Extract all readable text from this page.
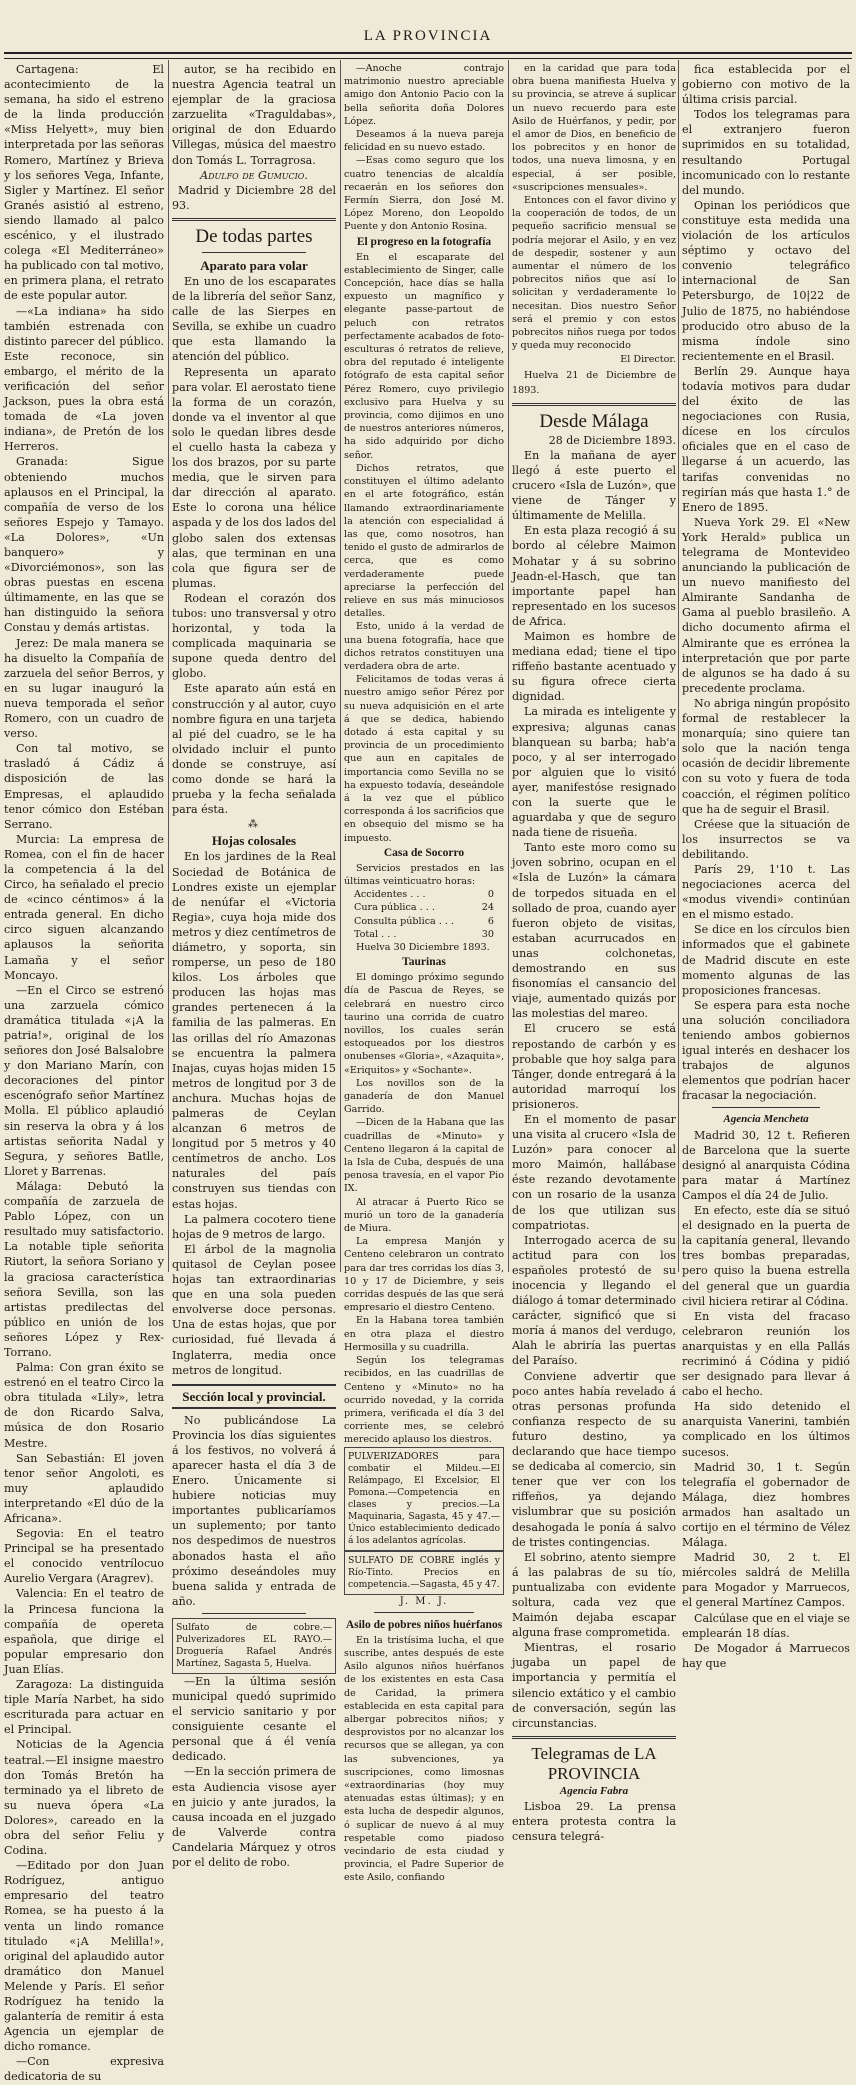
LA PROVINCIA

Cartagena: El acontecimiento de la semana, ha sido el estreno de la linda producción «Miss Helyett», muy bien interpretada por las señoras Romero, Martínez y Brieva y los señores Vega, Infante, Sigler y Martínez. El señor Granés asistió al estreno, siendo llamado al palco escénico, y el ilustrado colega «El Mediterráneo» ha publicado con tal motivo, en primera plana, el retrato de este popular autor.

—«La indiana» ha sido también estrenada con distinto parecer del público. Este reconoce, sin embargo, el mérito de la verificación del señor Jackson, pues la obra está tomada de «La joven indiana», de Pretón de los Herreros.

Granada: Sigue obteniendo muchos aplausos en el Principal, la compañía de verso de los señores Espejo y Tamayo. «La Dolores», «Un banquero» y «Divorciémonos», son las obras puestas en escena últimamente, en las que se han distinguido la señora Constau y demás artistas.

Jerez: De mala manera se ha disuelto la Compañía de zarzuela del señor Berros, y en su lugar inauguró la nueva temporada el señor Romero, con un cuadro de verso.

Con tal motivo, se trasladó á Cádiz á disposición de las Empresas, el aplaudido tenor cómico don Estéban Serrano.

Murcia: La empresa de Romea, con el fin de hacer la competencia á la del Circo, ha señalado el precio de «cinco céntimos» á la entrada general. En dicho circo siguen alcanzando aplausos la señorita Lamaña y el señor Moncayo.

—En el Circo se estrenó una zarzuela cómico dramática titulada «¡A la patria!», original de los señores don José Balsalobre y don Mariano Marín, con decoraciones del pintor escenógrafo señor Martínez Molla. El público aplaudió sin reserva la obra y á los artistas señorita Nadal y Segura, y señores Batlle, Lloret y Barrenas.

Málaga: Debutó la compañía de zarzuela de Pablo López, con un resultado muy satisfactorio. La notable tiple señorita Riutort, la señora Soriano y la graciosa característica señora Sevilla, son las artistas predilectas del público en unión de los señores López y Rex-Torrano.

Palma: Con gran éxito se estrenó en el teatro Circo la obra titulada «Lily», letra de don Ricardo Salva, música de don Rosario Mestre.

San Sebastián: El joven tenor señor Angoloti, es muy aplaudido interpretando «El dúo de la Africana».

Segovia: En el teatro Principal se ha presentado el conocido ventrílocuo Aurelio Vergara (Aragrev).

Valencia: En el teatro de la Princesa funciona la compañía de opereta española, que dirige el popular empresario don Juan Elías.

Zaragoza: La distinguida tiple María Narbet, ha sido escriturada para actuar en el Principal.

Noticias de la Agencia teatral.—El insigne maestro don Tomás Bretón ha terminado ya el libreto de su nueva ópera «La Dolores», careado en la obra del señor Feliu y Codina.

—Editado por don Juan Rodríguez, antiguo empresario del teatro Romea, se ha puesto á la venta un lindo romance titulado «¡A Melilla!», original del aplaudido autor dramático don Manuel Melende y París. El señor Rodríguez ha tenido la galantería de remitir á esta Agencia un ejemplar de dicho romance.

—Con expresiva dedicatoria de su

autor, se ha recibido en nuestra Agencia teatral un ejemplar de la graciosa zarzuelita «Traguldabas», original de don Eduardo Villegas, música del maestro don Tomás L. Torragrosa.

Adulfo de Gumucio.

Madrid y Diciembre 28 del 93.

De todas partes

Aparato para volar

En uno de los escaparates de la librería del señor Sanz, calle de las Sierpes en Sevilla, se exhibe un cuadro que esta llamando la atención del público.

Representa un aparato para volar. El aerostato tiene la forma de un corazón, donde va el inventor al que solo le quedan libres desde el cuello hasta la cabeza y los dos brazos, por su parte media, que le sirven para dar dirección al aparato. Este lo corona una hélice aspada y de los dos lados del globo salen dos extensas alas, que terminan en una cola que figura ser de plumas.

Rodean el corazón dos tubos: uno transversal y otro horizontal, y toda la complicada maquinaria se supone queda dentro del globo.

Este aparato aún está en construcción y al autor, cuyo nombre figura en una tarjeta al pié del cuadro, se le ha olvidado incluir el punto donde se construye, así como donde se hará la prueba y la fecha señalada para ésta.

⁂

Hojas colosales

En los jardines de la Real Sociedad de Botánica de Londres existe un ejemplar de nenúfar el «Victoria Regia», cuya hoja mide dos metros y diez centímetros de diámetro, y soporta, sin romperse, un peso de 180 kilos. Los árboles que producen las hojas mas grandes pertenecen á la familia de las palmeras. En las orillas del río Amazonas se encuentra la palmera Inajas, cuyas hojas miden 15 metros de longitud por 3 de anchura. Muchas hojas de palmeras de Ceylan alcanzan 6 metros de longitud por 5 metros y 40 centímetros de ancho. Los naturales del país construyen sus tiendas con estas hojas.

La palmera cocotero tiene hojas de 9 metros de largo.

El árbol de la magnolia quitasol de Ceylan posee hojas tan extraordinarias que en una sola pueden envolverse doce personas. Una de estas hojas, que por curiosidad, fué llevada á Inglaterra, media once metros de longitud.

Sección local y provincial.

No publicándose La Provincia los días siguientes á los festivos, no volverá á aparecer hasta el día 3 de Enero. Únicamente si hubiere noticias muy importantes publicaríamos un suplemento; por tanto nos despedimos de nuestros abonados hasta el año próximo deseándoles muy buena salida y entrada de año.

Sulfato de cobre.—Pulverizadores EL RAYO.—Droguería Rafael Andrés Martínez, Sagasta 5, Huelva.

—En la última sesión municipal quedó suprimido el servicio sanitario y por consiguiente cesante el personal que á él venía dedicado.

—En la sección primera de esta Audiencia visose ayer en juicio y ante jurados, la causa incoada en el juzgado de Valverde contra Candelaria Márquez y otros por el delito de robo.

—Anoche contrajo matrimonio nuestro apreciable amigo don Antonio Pacio con la bella señorita doña Dolores López.

Deseamos á la nueva pareja felicidad en su nuevo estado.

—Esas como seguro que los cuatro tenencias de alcaldía recaerán en los señores don Fermín Sierra, don José M. López Moreno, don Leopoldo Puente y don Antonio Rosina.

El progreso en la fotografía

En el escaparate del establecimiento de Singer, calle Concepción, hace días se halla expuesto un magnífico y elegante passe-partout de peluch con retratos perfectamente acabados de foto-esculturas ó retratos de relieve, obra del reputado é inteligente fotógrafo de esta capital señor Pérez Romero, cuyo privilegio exclusivo para Huelva y su provincia, como dijimos en uno de nuestros anteriores números, ha sido adquirido por dicho señor.

Dichos retratos, que constituyen el último adelanto en el arte fotográfico, están llamando extraordinariamente la atención con especialidad á las que, como nosotros, han tenido el gusto de admirarlos de cerca, que es como verdaderamente puede apreciarse la perfección del relieve en sus más minuciosos detalles.

Esto, unido á la verdad de una buena fotografía, hace que dichos retratos constituyen una verdadera obra de arte.

Felicitamos de todas veras á nuestro amigo señor Pérez por su nueva adquisición en el arte á que se dedica, habiendo dotado á esta capital y su provincia de un procedimiento que aun en capitales de importancia como Sevilla no se ha expuesto todavía, deseándole á la vez que el público corresponda á los sacrificios que en obsequio del mismo se ha impuesto.

Casa de Socorro

Servicios prestados en las últimas veinticuatro horas:

Accidentes . . .	0
Cura pública . . .	24
Consulta pública . . .	6
Total . . .	30

Huelva 30 Diciembre 1893.

Taurinas

El domingo próximo segundo día de Pascua de Reyes, se celebrará en nuestro circo taurino una corrida de cuatro novillos, los cuales serán estoqueados por los diestros onubenses «Gloria», «Azaquita», «Eriquitos» y «Sochante».

Los novillos son de la ganadería de don Manuel Garrido.

—Dicen de la Habana que las cuadrillas de «Minuto» y Centeno llegaron á la capital de la Isla de Cuba, después de una penosa travesía, en el vapor Pio IX.

Al atracar á Puerto Rico se murió un toro de la ganadería de Miura.

La empresa Manjón y Centeno celebraron un contrato para dar tres corridas los días 3, 10 y 17 de Diciembre, y seis corridas después de las que será empresario el diestro Centeno.

En la Habana torea también en otra plaza el diestro Hermosilla y su cuadrilla.

Según los telegramas recibidos, en las cuadrillas de Centeno y «Minuto» no ha ocurrido novedad, y la corrida primera, verificada el día 3 del corriente mes, se celebró merecido aplauso los diestros.

PULVERIZADORES para combatir el Mildeu.—El Relámpago, El Excelsior, El Pomona.—Competencia en clases y precios.—La Maquinaria, Sagasta, 45 y 47.—Único establecimiento dedicado á los adelantos agrícolas.

SULFATO DE COBRE inglés y Río-Tinto. Precios en competencia.—Sagasta, 45 y 47.

J. M. J.

Asilo de pobres niños huérfanos

En la tristísima lucha, el que suscribe, antes después de este Asilo algunos niños huérfanos de los existentes en esta Casa de Caridad, la primera establecida en esta capital para albergar pobrecitos niños; y desprovistos por no alcanzar los recursos que se allegan, ya con las subvenciones, ya suscripciones, como limosnas «extraordinarias (hoy muy atenuadas estas últimas); y en esta lucha de despedir algunos, ó suplicar de nuevo á al muy respetable como piadoso vecindario de esta ciudad y provincia, el Padre Superior de este Asilo, confiando

en la caridad que para toda obra buena manifiesta Huelva y su provincia, se atreve á suplicar un nuevo recuerdo para este Asilo de Huérfanos, y pedir, por el amor de Dios, en beneficio de los pobrecitos y en honor de todos, una nueva limosna, y en especial, á ser posible, «suscripciones mensuales».

Entonces con el favor divino y la cooperación de todos, de un pequeño sacrificio mensual se podría mejorar el Asilo, y en vez de despedir, sostener y aun aumentar el número de los pobrecitos niños que así lo solicitan y verdaderamente lo necesitan. Dios nuestro Señor será el premio y con estos pobrecitos niños ruega por todos y queda muy reconocido

El Director.

Huelva 21 de Diciembre de 1893.

Desde Málaga

28 de Diciembre 1893.

En la mañana de ayer llegó á este puerto el crucero «Isla de Luzón», que viene de Tánger y últimamente de Melilla.

En esta plaza recogió á su bordo al célebre Maimon Mohatar y á su sobrino Jeadn-el-Hasch, que tan importante papel han representado en los sucesos de Africa.

Maimon es hombre de mediana edad; tiene el tipo riffeño bastante acentuado y su figura ofrece cierta dignidad.

La mirada es inteligente y expresiva; algunas canas blanquean su barba; hab'a poco, y al ser interrogado por alguien que lo visitó ayer, manifestóse resignado con la suerte que le aguardaba y que de seguro nada tiene de risueña.

Tanto este moro como su joven sobrino, ocupan en el «Isla de Luzón» la cámara de torpedos situada en el sollado de proa, cuando ayer fueron objeto de visitas, estaban acurrucados en unas colchonetas, demostrando en sus fisonomías el cansancio del viaje, aumentado quizás por las molestias del mareo.

El crucero se está repostando de carbón y es probable que hoy salga para Tánger, donde entregará á la autoridad marroquí los prisioneros.

En el momento de pasar una visita al crucero «Isla de Luzón» para conocer al moro Maimón, hallábase éste rezando devotamente con un rosario de la usanza de los que utilizan sus compatriotas.

Interrogado acerca de su actitud para con los españoles protestó de su inocencia y llegando el diálogo á tomar determinado carácter, significó que si moría á manos del verdugo, Alah le abriría las puertas del Paraíso.

Conviene advertir que poco antes había revelado á otras personas profunda confianza respecto de su futuro destino, ya declarando que hace tiempo se dedicaba al comercio, sin tener que ver con los riffeños, ya dejando vislumbrar que su posición desahogada le ponía á salvo de tristes contingencias.

El sobrino, atento siempre á las palabras de su tío, puntualizaba con evidente soltura, cada vez que Maimón dejaba escapar alguna frase comprometida.

Mientras, el rosario jugaba un papel de importancia y permitía el silencio extático y el cambio de conversación, según las circunstancias.

Telegramas de LA PROVINCIA

Agencia Fabra

Lisboa 29. La prensa entera protesta contra la censura telegrá-

fica establecida por el gobierno con motivo de la última crisis parcial.

Todos los telegramas para el extranjero fueron suprimidos en su totalidad, resultando Portugal incomunicado con lo restante del mundo.

Opinan los periódicos que constituye esta medida una violación de los artículos séptimo y octavo del convenio telegráfico internacional de San Petersburgo, de 10|22 de Julio de 1875, no habiéndose producido otro abuso de la misma índole sino recientemente en el Brasil.

Berlín 29. Aunque haya todavía motivos para dudar del éxito de las negociaciones con Rusia, dícese en los círculos oficiales que en el caso de llegarse á un acuerdo, las tarifas convenidas no regirían más que hasta 1.° de Enero de 1895.

Nueva York 29. El «New York Herald» publica un telegrama de Montevideo anunciando la publicación de un nuevo manifiesto del Almirante Sandanha de Gama al pueblo brasileño. A dicho documento afirma el Almirante que es errónea la interpretación que por parte de algunos se ha dado á su precedente proclama.

No abriga ningún propósito formal de restablecer la monarquía; sino quiere tan solo que la nación tenga ocasión de decidir libremente con su voto y fuera de toda coacción, el régimen político que ha de seguir el Brasil.

Créese que la situación de los insurrectos se va debilitando.

París 29, 1'10 t. Las negociaciones acerca del «modus vivendi» continúan en el mismo estado.

Se dice en los círculos bien informados que el gabinete de Madrid discute en este momento algunas de las proposiciones francesas.

Se espera para esta noche una solución conciliadora teniendo ambos gobiernos igual interés en deshacer los trabajos de algunos elementos que podrían hacer fracasar la negociación.

Agencia Mencheta

Madrid 30, 12 t. Refieren de Barcelona que la suerte designó al anarquista Códina para matar á Martínez Campos el día 24 de Julio.

En efecto, este día se situó el designado en la puerta de la capitanía general, llevando tres bombas preparadas, pero quiso la buena estrella del general que un guardia civil hiciera retirar al Códina.

En vista del fracaso celebraron reunión los anarquistas y en ella Pallás recriminó á Códina y pidió ser designado para llevar á cabo el hecho.

Ha sido detenido el anarquista Vanerini, también complicado en los últimos sucesos.

Madrid 30, 1 t. Según telegrafía el gobernador de Málaga, diez hombres armados han asaltado un cortijo en el término de Vélez Málaga.

Madrid 30, 2 t. El miércoles saldrá de Melilla para Mogador y Marruecos, el general Martínez Campos.

Calcúlase que en el viaje se emplearán 18 días.

De Mogador á Marruecos hay que
